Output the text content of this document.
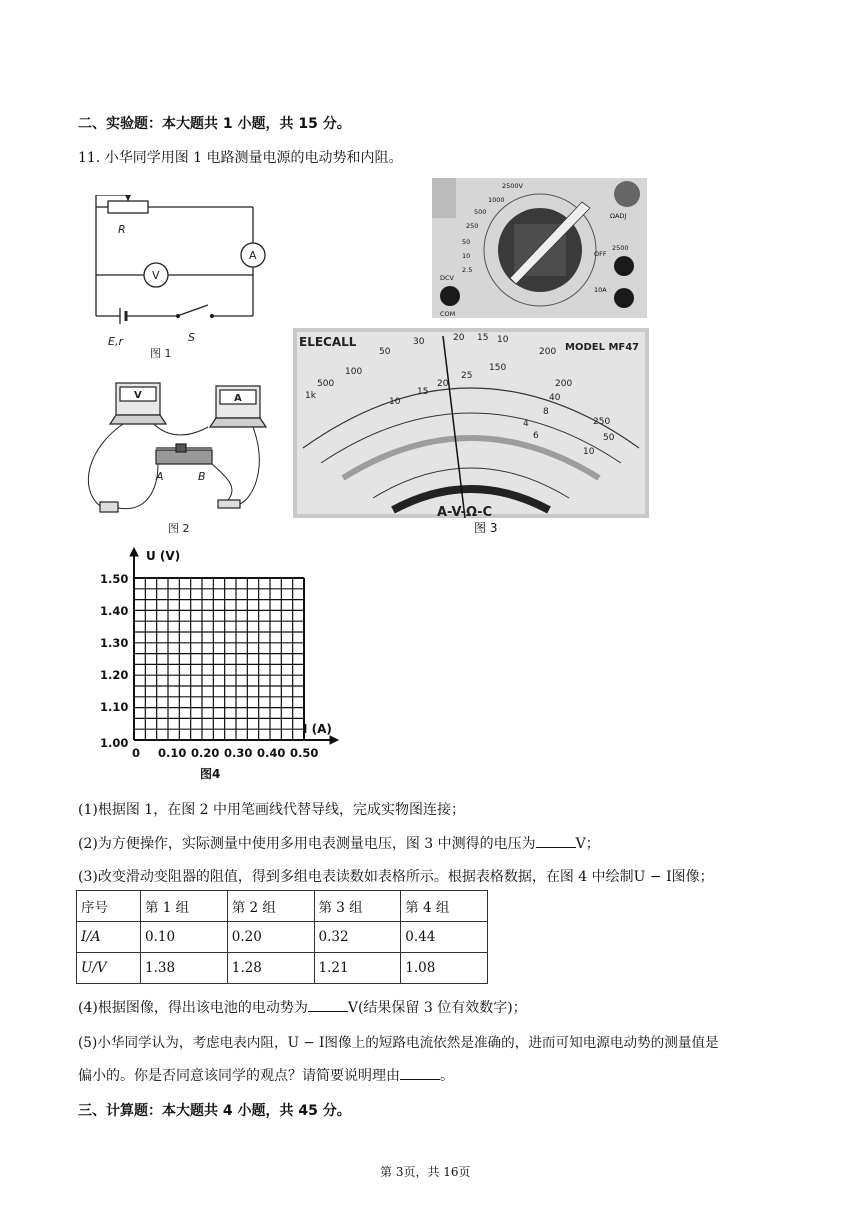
二、实验题：本大题共 1 小题，共 15 分。
11. 小华同学用图 1 电路测量电源的电动势和内阻。
R
V
A
E,r	S
图 1
V	A
A	B
图 2
2500V
1000
500
250
50
10
2.5
OFF
10A
2500
COM
DCV
ΩADJ
ELECALL	MODEL MF47
A-V-Ω-C
30	20 15 10
50
100
500
1k
200
150
25
20
15
10
200
250
40
50
8
10
4
6
图 3
U (V)
I (A)
1.50
1.40
1.30
1.20
1.10
1.00
0 0.10 0.20 0.30 0.40 0.50
图4
(1)根据图 1，在图 2 中用笔画线代替导线，完成实物图连接；
(2)为方便操作，实际测量中使用多用电表测量电压，图 3 中测得的电压为	V；
(3)改变滑动变阻器的阻值，得到多组电表读数如表格所示。根据表格数据，在图 4 中绘制U − I图像；
序号	第 1 组	第 2 组	第 3 组	第 4 组
I/A	0.10	0.20	0.32	0.44
U/V	1.38	1.28	1.21	1.08
(4)根据图像，得出该电池的电动势为	V(结果保留 3 位有效数字)；
(5)小华同学认为，考虑电表内阻，U − I图像上的短路电流依然是准确的，进而可知电源电动势的测量值是
偏小的。你是否同意该同学的观点？请简要说明理由	。
三、计算题：本大题共 4 小题，共 45 分。
第 3页，共 16页
